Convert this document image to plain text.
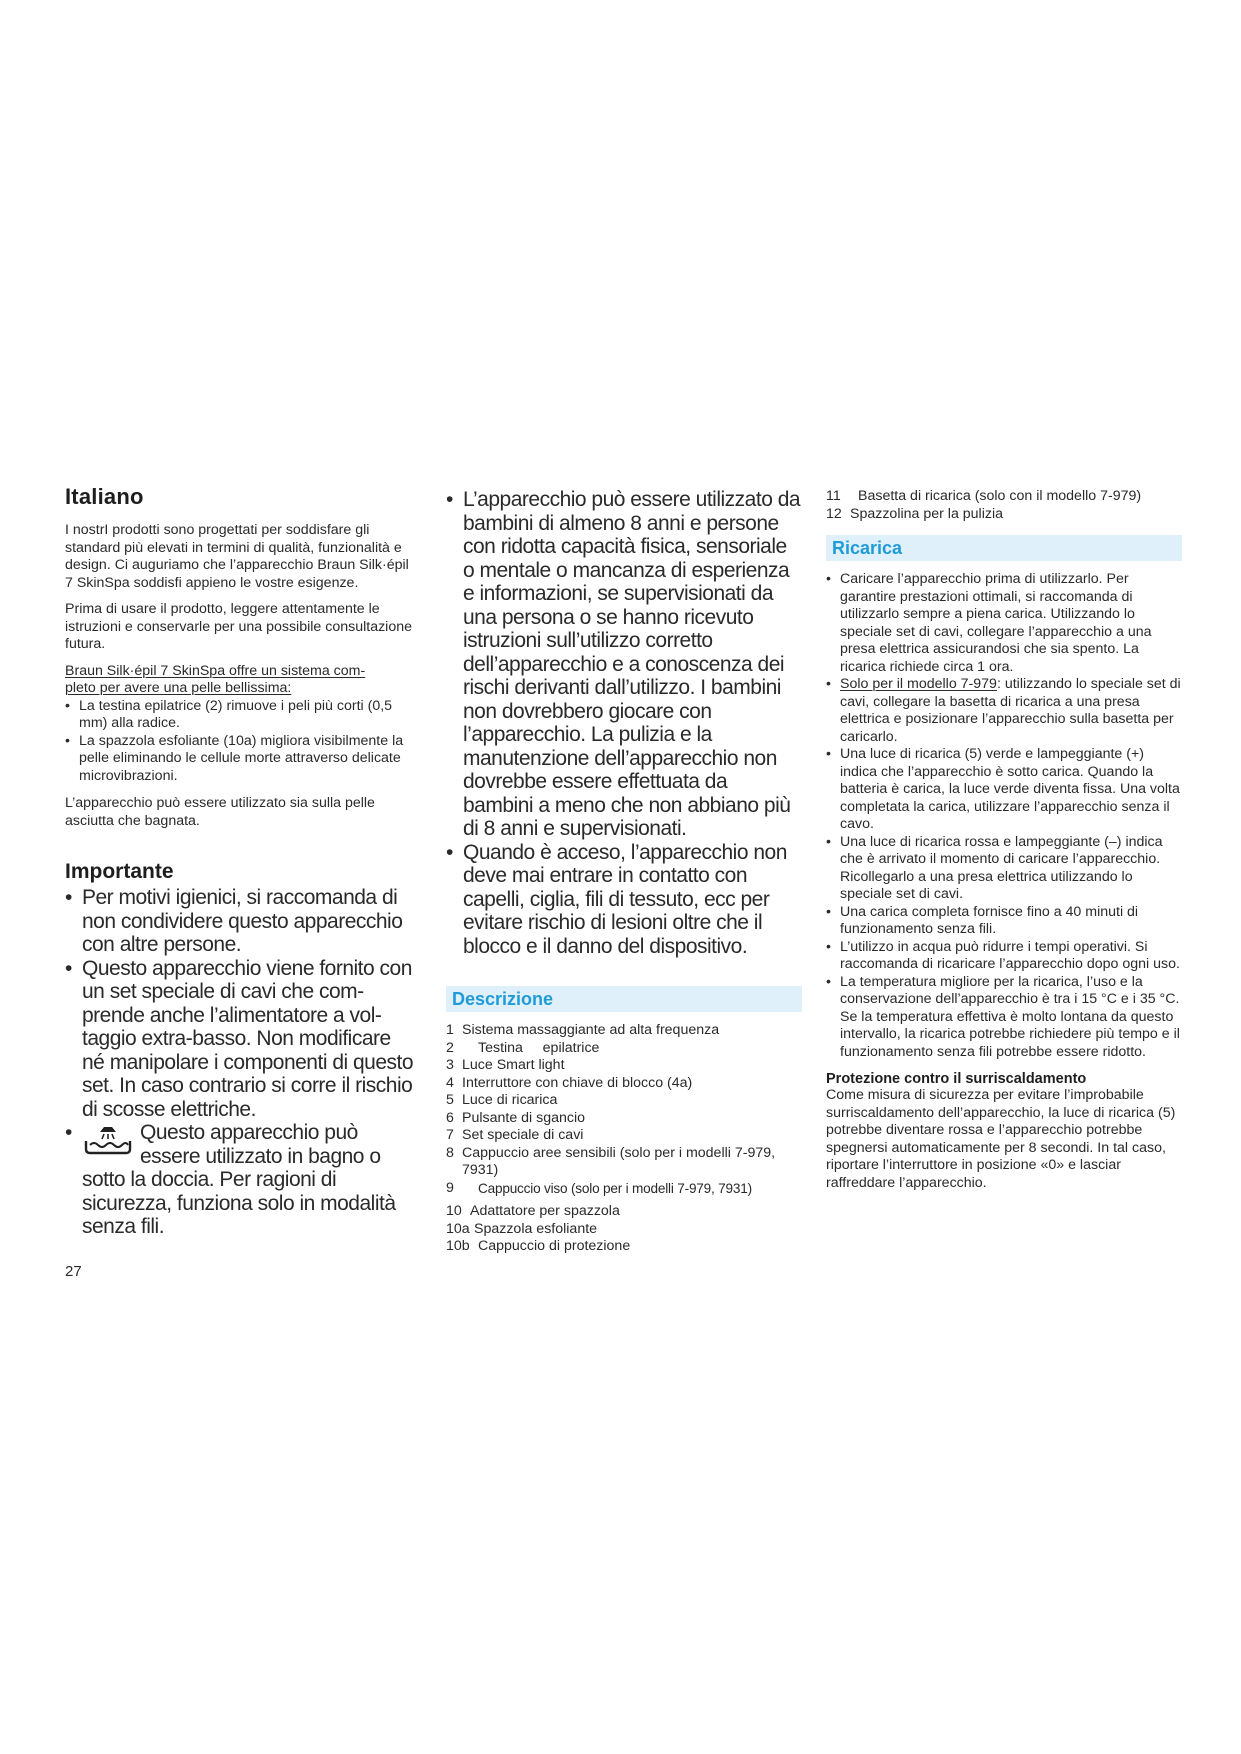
Italiano

I nostrI prodotti sono progettati per soddisfare gli standard più elevati in termini di qualità, funzionalità e design. Ci auguriamo che l’apparecchio Braun Silk·épil 7 SkinSpa soddisfi appieno le vostre esigenze.

Prima di usare il prodotto, leggere attentamente le istruzioni e conservarle per una possibile consultazione futura.

Braun Silk·épil 7 SkinSpa offre un sistema com-
pleto per avere una pelle bellissima:

• La testina epilatrice (2) rimuove i peli più corti (0,5 mm) alla radice.
• La spazzola esfoliante (10a) migliora visibilmente la pelle eliminando le cellule morte attraverso delicate microvibrazioni.

L’apparecchio può essere utilizzato sia sulla pelle asciutta che bagnata.

Importante
• Per motivi igienici, si raccomanda di non condividere questo apparecchio con altre persone.
• Questo apparecchio viene fornito con un set speciale di cavi che comprende anche l’alimentatore a voltaggio extra-basso. Non modificare né manipolare i componenti di questo set. In caso contrario si corre il rischio di scosse elettriche.
• Questo apparecchio può essere utilizzato in bagno o sotto la doccia. Per ragioni di sicurezza, funziona solo in modalità senza fili.
27
• L’apparecchio può essere utilizzato da bambini di almeno 8 anni e persone con ridotta capacità fisica, sensoriale o mentale o mancanza di esperienza e informazioni, se supervisionati da una persona o se hanno ricevuto istruzioni sull’utilizzo corretto dell’apparecchio e a conoscenza dei rischi derivanti dall’utilizzo. I bambini non dovrebbero giocare con l’apparecchio. La pulizia e la manutenzione dell’apparecchio non dovrebbe essere effettuata da bambini a meno che non abbiano più di 8 anni e supervisionati.
• Quando è acceso, l’apparecchio non deve mai entrare in contatto con capelli, ciglia, fili di tessuto, ecc per evitare rischio di lesioni oltre che il blocco e il danno del dispositivo.
Descrizione
1 Sistema massaggiante ad alta frequenza
2	Testina     epilatrice
3 Luce Smart light
4 Interruttore con chiave di blocco (4a)
5 Luce di ricarica
6 Pulsante di sgancio
7 Set speciale di cavi
8 Cappuccio aree sensibili (solo per i modelli 7-979, 7931)
9	Cappuccio viso (solo per i modelli 7-979, 7931)
10 Adattatore per spazzola
10a Spazzola esfoliante
10b Cappuccio di protezione
11	Basetta di ricarica (solo con il modello 7-979)
12 Spazzolina per la pulizia
Ricarica
• Caricare l’apparecchio prima di utilizzarlo. Per garantire prestazioni ottimali, si raccomanda di utilizzarlo sempre a piena carica. Utilizzando lo speciale set di cavi, collegare l’apparecchio a una presa elettrica assicurandosi che sia spento. La ricarica richiede circa 1 ora.
• Solo per il modello 7-979: utilizzando lo speciale set di cavi, collegare la basetta di ricarica a una presa elettrica e posizionare l’apparecchio sulla basetta per caricarlo.
• Una luce di ricarica (5) verde e lampeggiante (+) indica che l’apparecchio è sotto carica. Quando la batteria è carica, la luce verde diventa fissa. Una volta completata la carica, utilizzare l’apparecchio senza il cavo.
• Una luce di ricarica rossa e lampeggiante (–) indica che è arrivato il momento di caricare l’apparecchio. Ricollegarlo a una presa elettrica utilizzando lo speciale set di cavi.
• Una carica completa fornisce fino a 40 minuti di funzionamento senza fili.
• L’utilizzo in acqua può ridurre i tempi operativi. Si raccomanda di ricaricare l’apparecchio dopo ogni uso.
• La temperatura migliore per la ricarica, l’uso e la conservazione dell’apparecchio è tra i 15 °C e i 35 °C. Se la temperatura effettiva è molto lontana da questo intervallo, la ricarica potrebbe richiedere più tempo e il funzionamento senza fili potrebbe essere ridotto.
Protezione contro il surriscaldamento

Come misura di sicurezza per evitare l’improbabile surriscaldamento dell’apparecchio, la luce di ricarica (5) potrebbe diventare rossa e l’apparecchio potrebbe spegnersi automaticamente per 8 secondi. In tal caso, riportare l’interruttore in posizione «0» e lasciar raffreddare l’apparecchio.
